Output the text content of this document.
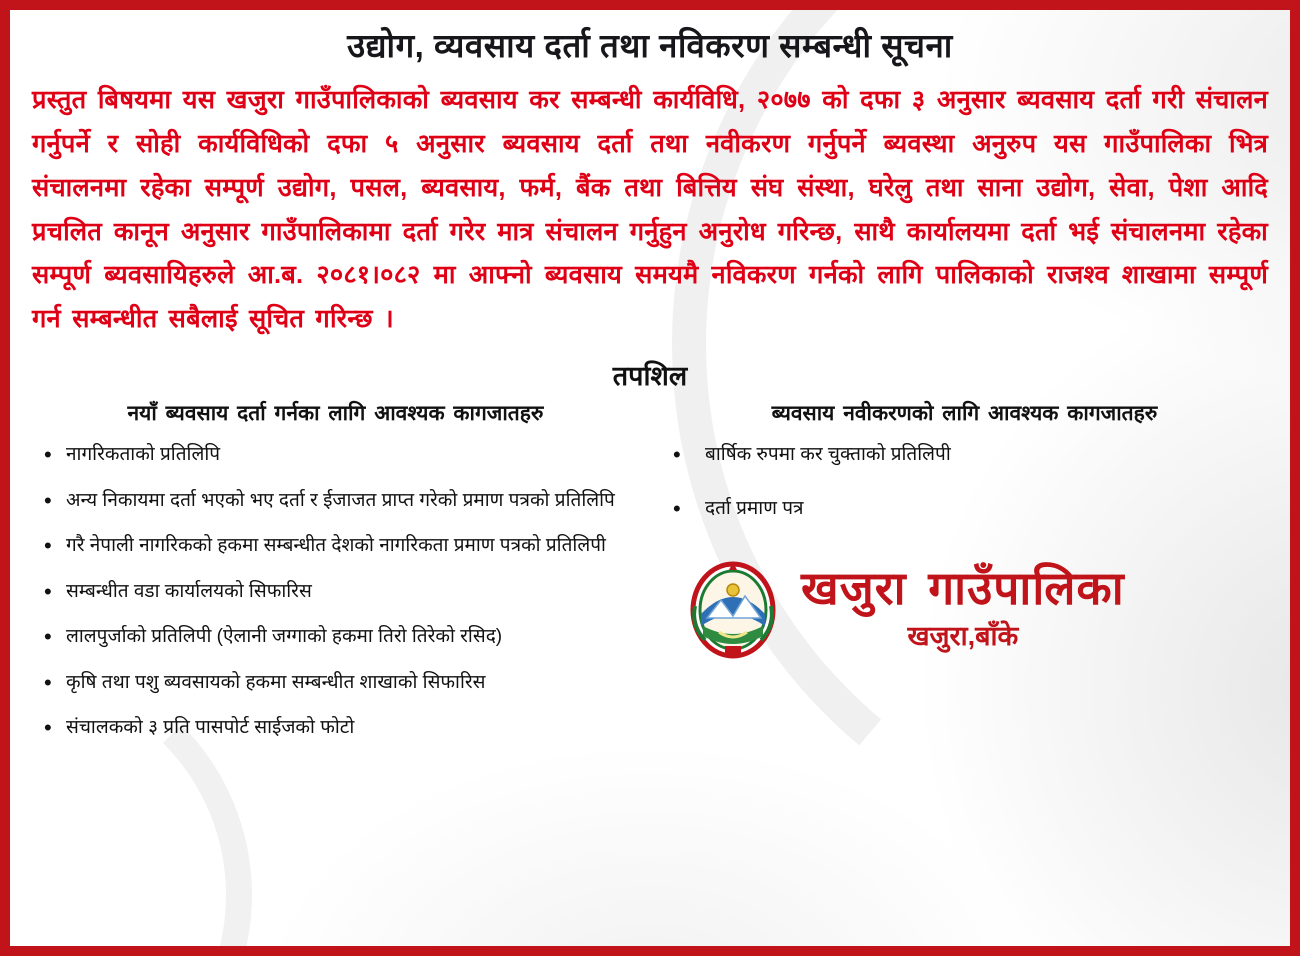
उद्योग, व्यवसाय दर्ता तथा नविकरण सम्बन्धी सूचना
प्रस्तुत बिषयमा यस खजुरा गाउँपालिकाको ब्यवसाय कर सम्बन्धी कार्यविधि, २०७७ को दफा ३ अनुसार ब्यवसाय दर्ता गरी संचालन गर्नुपर्ने र सोही कार्यविधिको दफा ५ अनुसार ब्यवसाय दर्ता तथा नवीकरण गर्नुपर्ने ब्यवस्था अनुरुप यस गाउँपालिका भित्र संचालनमा रहेका सम्पूर्ण उद्योग, पसल, ब्यवसाय, फर्म, बैंक तथा बित्तिय संघ संस्था, घरेलु तथा साना उद्योग, सेवा, पेशा आदि प्रचलित कानून अनुसार गाउँपालिकामा दर्ता गरेर मात्र संचालन गर्नुहुन अनुरोध गरिन्छ, साथै कार्यालयमा दर्ता भई संचालनमा रहेका सम्पूर्ण ब्यवसायिहरुले आ.ब. २०८१।०८२ मा आफ्नो ब्यवसाय समयमै नविकरण गर्नको लागि पालिकाको राजश्व शाखामा सम्पूर्ण गर्न सम्बन्धीत सबैलाई सूचित गरिन्छ ।
तपशिल
नयाँ ब्यवसाय दर्ता गर्नका लागि आवश्यक कागजातहरु
• नागरिकताको प्रतिलिपि
• अन्य निकायमा दर्ता भएको भए दर्ता र ईजाजत प्राप्त गरेको प्रमाण पत्रको प्रतिलिपि
• गरै नेपाली नागरिकको हकमा सम्बन्धीत देशको नागरिकता प्रमाण पत्रको प्रतिलिपी
• सम्बन्धीत वडा कार्यालयको सिफारिस
• लालपुर्जाको प्रतिलिपी (ऐलानी जग्गाको हकमा तिरो तिरेको रसिद)
• कृषि तथा पशु ब्यवसायको हकमा सम्बन्धीत शाखाको सिफारिस
• संचालकको ३ प्रति पासपोर्ट साईजको फोटो
ब्यवसाय नवीकरणको लागि आवश्यक कागजातहरु
• बार्षिक रुपमा कर चुक्ताको प्रतिलिपी
• दर्ता प्रमाण पत्र
खजुरा गाउँपालिका
खजुरा,बाँके
